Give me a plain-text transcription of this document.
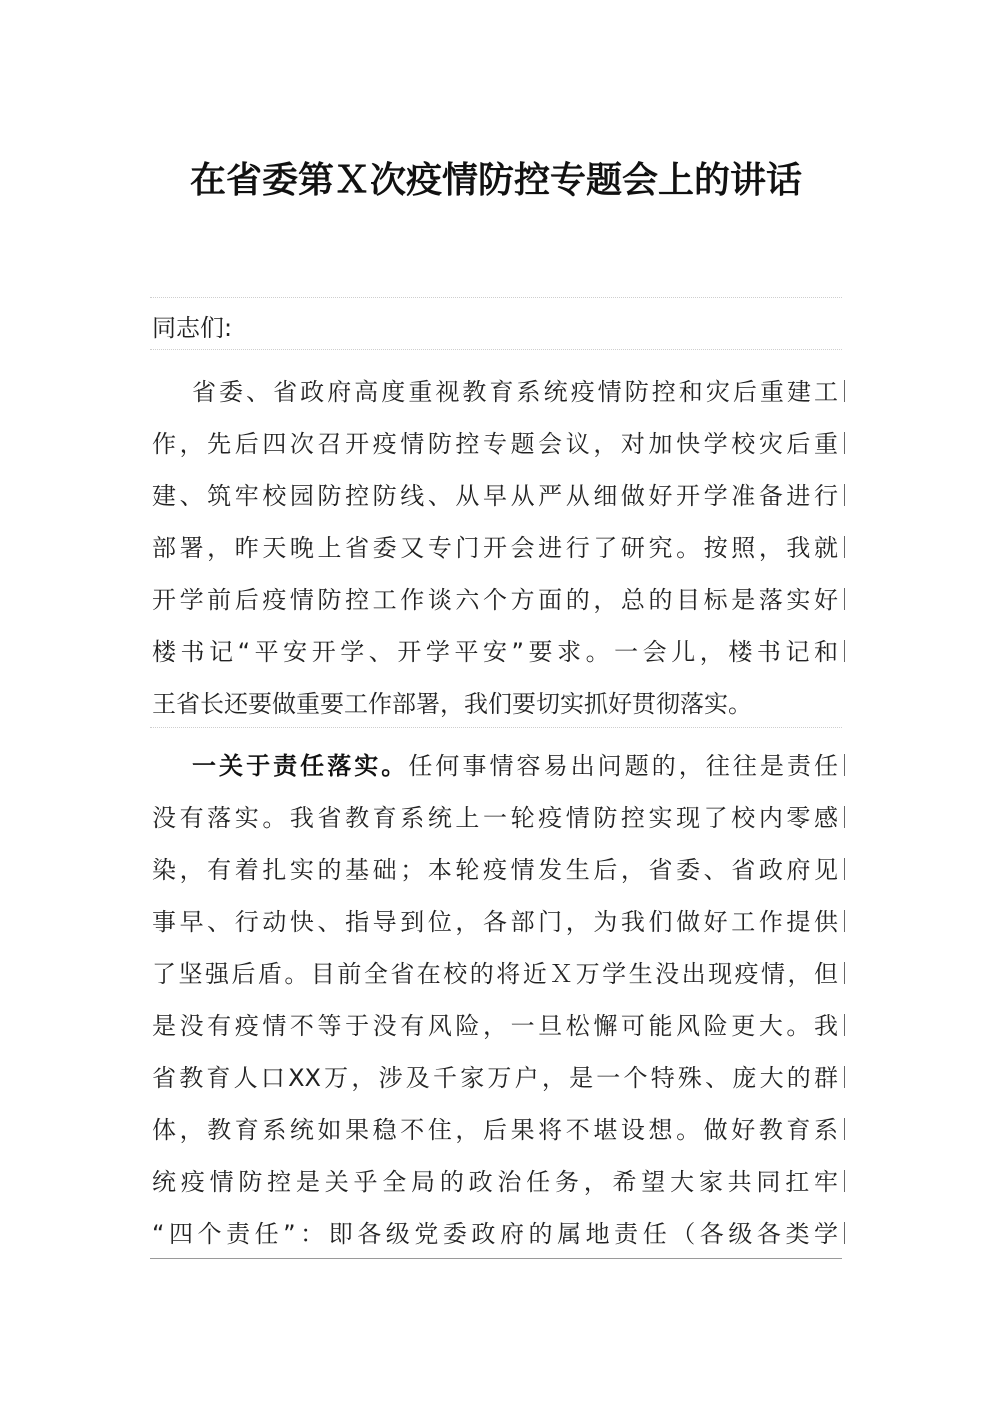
在省委第Ｘ次疫情防控专题会上的讲话
同志们:
省委、省政府高度重视教育系统疫情防控和灾后重建工
作，先后四次召开疫情防控专题会议，对加快学校灾后重
建、筑牢校园防控防线、从早从严从细做好开学准备进行
部署，昨天晚上省委又专门开会进行了研究。按照，我就
开学前后疫情防控工作谈六个方面的，总的目标是落实好
楼书记“平安开学、开学平安”要求。一会儿，楼书记和
王省长还要做重要工作部署，我们要切实抓好贯彻落实。
一关于责任落实。任何事情容易出问题的，往往是责任
没有落实。我省教育系统上一轮疫情防控实现了校内零感
染，有着扎实的基础；本轮疫情发生后，省委、省政府见
事早、行动快、指导到位，各部门，为我们做好工作提供
了坚强后盾。目前全省在校的将近Ｘ万学生没出现疫情，但
是没有疫情不等于没有风险，一旦松懈可能风险更大。我
省教育人口XX万，涉及千家万户，是一个特殊、庞大的群
体，教育系统如果稳不住，后果将不堪设想。做好教育系
统疫情防控是关乎全局的政治任务，希望大家共同扛牢
“四个责任”：即各级党委政府的属地责任（各级各类学
